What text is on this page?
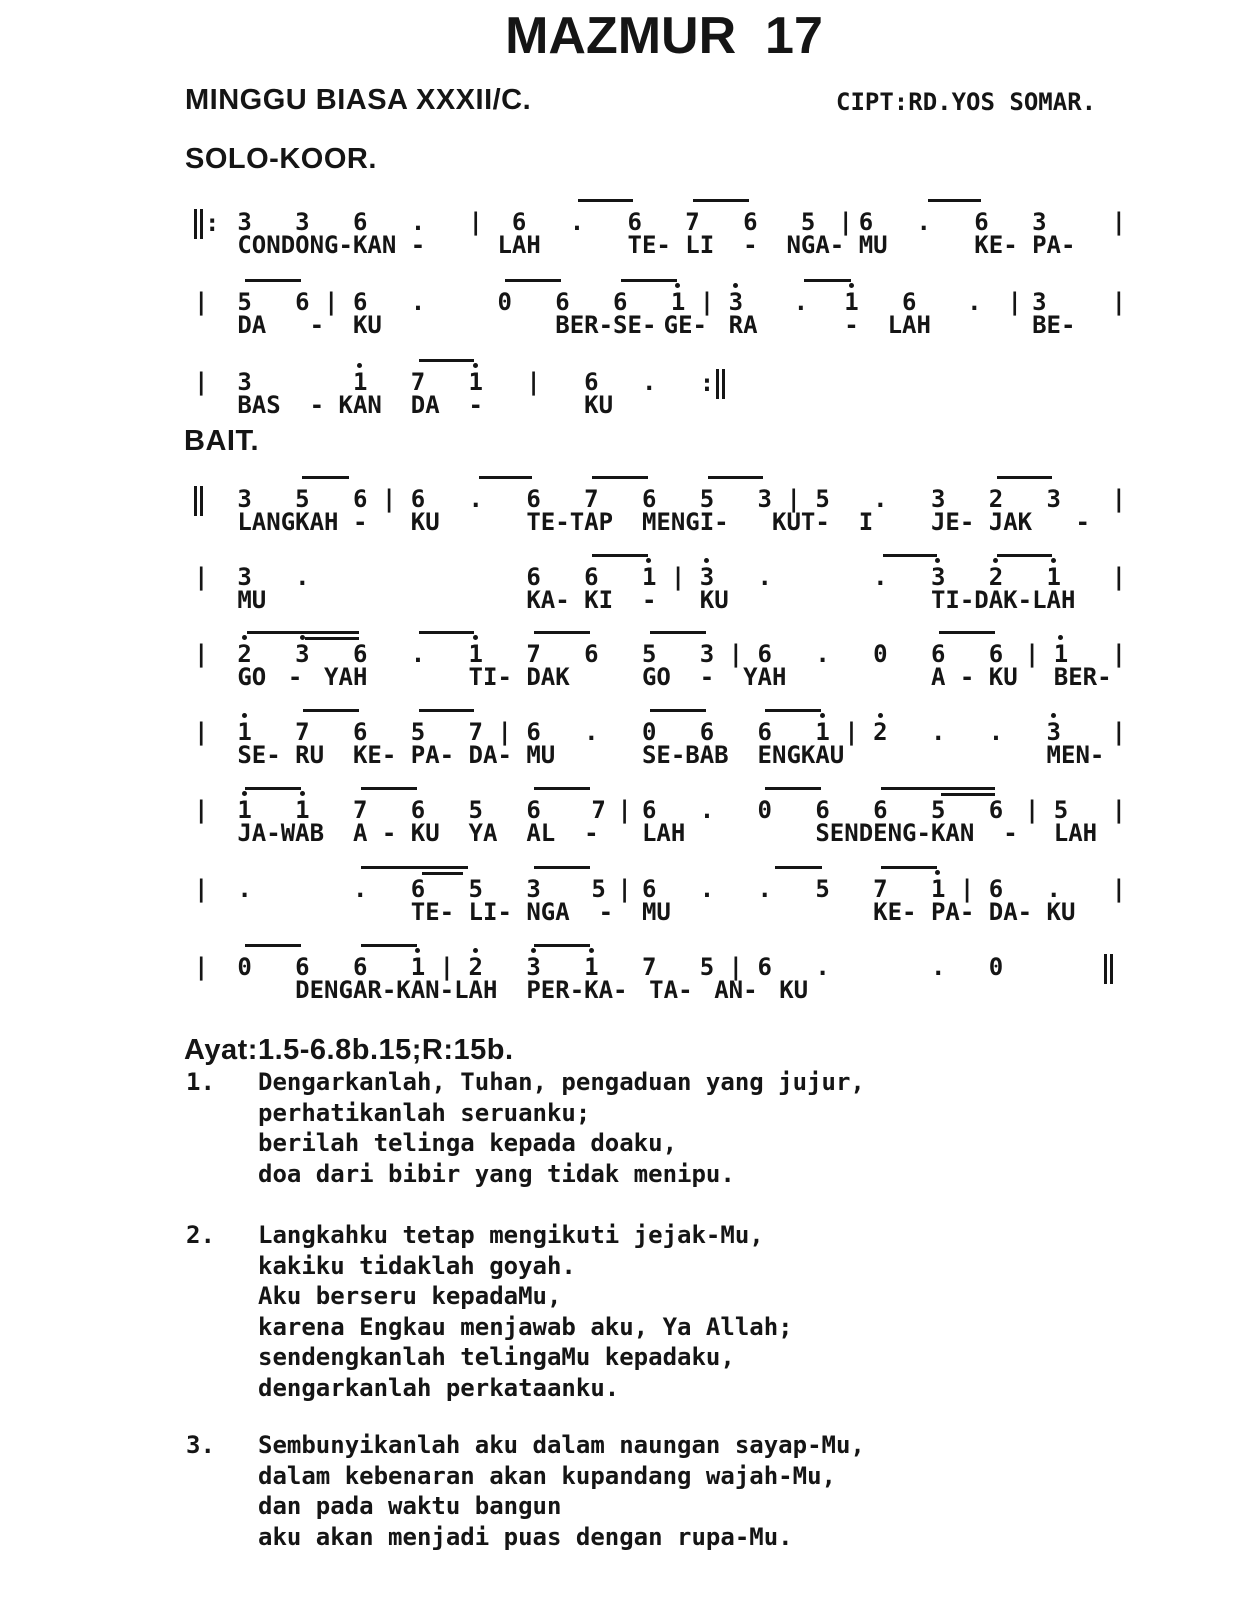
MAZMUR  17
MINGGU BIASA XXXII/C.	CIPT:RD.YOS SOMAR.
SOLO-KOOR.
BAIT.
Ayat:1.5-6.8b.15;R:15b.
: 3 3 6 . | 6 . 6 7 6 5 | 6 . 6 3	|
CONDONG-KAN -	LAH	TE- LI - NGA- MU	KE- PA-
| 5 6 | 6 .	0 6 6 1 | 3 . 1 6 . | 3	|
DA - KU	BER-SE- GE- RA	- LAH	BE-
| 3	1 7 1 | 6 . :
BAS - KAN DA -	KU
3 5 6 | 6 . 6 7 6 5 3 | 5 . 3 2 3 |
LANGKAH - KU	TE-TAP MENGI- KUT- I JE- JAK -
| 3 .	6 6 1 | 3 .	. 3 2 1 |
MU	KA- KI - KU	TI-DAK-LAH
| 2 3 6 . 1 7 6 5 3 | 6 . 0 6 6 | 1 |
GO - YAH	TI- DAK	GO - YAH	A - KU BER-
| 1 7 6 5 7 | 6 . 0 6 6 1 | 2 . . 3 |
SE- RU KE- PA- DA- MU	SE-BAB ENGKAU	MEN-
| 1 1 7 6 5 6 7 | 6 . 0 6 6 5 6 | 5 |
JA-WAB A - KU YA AL - LAH	SENDENG-KAN - LAH
| .	. 6 5 3 5 | 6 . . 5 7 1 | 6 . |
TE- LI- NGA - MU	KE- PA- DA- KU
| 0 6 6 1 | 2 3 1 7 5 | 6 .	. 0
DENGAR-KAN-LAH PER-KA- TA- AN- KU
1. Dengarkanlah, Tuhan, pengaduan yang jujur,
perhatikanlah seruanku;
berilah telinga kepada doaku,
doa dari bibir yang tidak menipu.
2. Langkahku tetap mengikuti jejak-Mu,
kakiku tidaklah goyah.
Aku berseru kepadaMu,
karena Engkau menjawab aku, Ya Allah;
sendengkanlah telingaMu kepadaku,
dengarkanlah perkataanku.
3. Sembunyikanlah aku dalam naungan sayap-Mu,
dalam kebenaran akan kupandang wajah-Mu,
dan pada waktu bangun
aku akan menjadi puas dengan rupa-Mu.
